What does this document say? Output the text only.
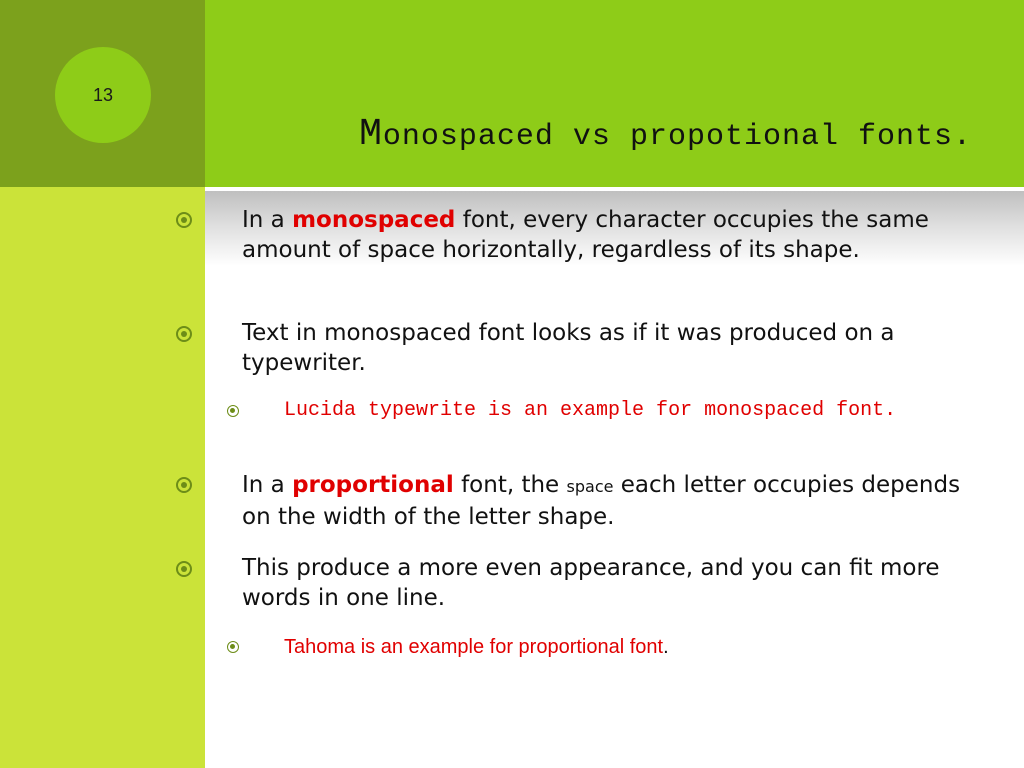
13
Monospaced vs propotional fonts.
In a monospaced font, every character occupies the same amount of space horizontally, regardless of its shape.
Text in monospaced font looks as if it was produced on a typewriter.
Lucida typewrite is an example for monospaced font.
In a proportional font, the space each letter occupies depends on the width of the letter shape.
This produce a more even appearance, and you can fit more words in one line.
Tahoma is an example for proportional font.
